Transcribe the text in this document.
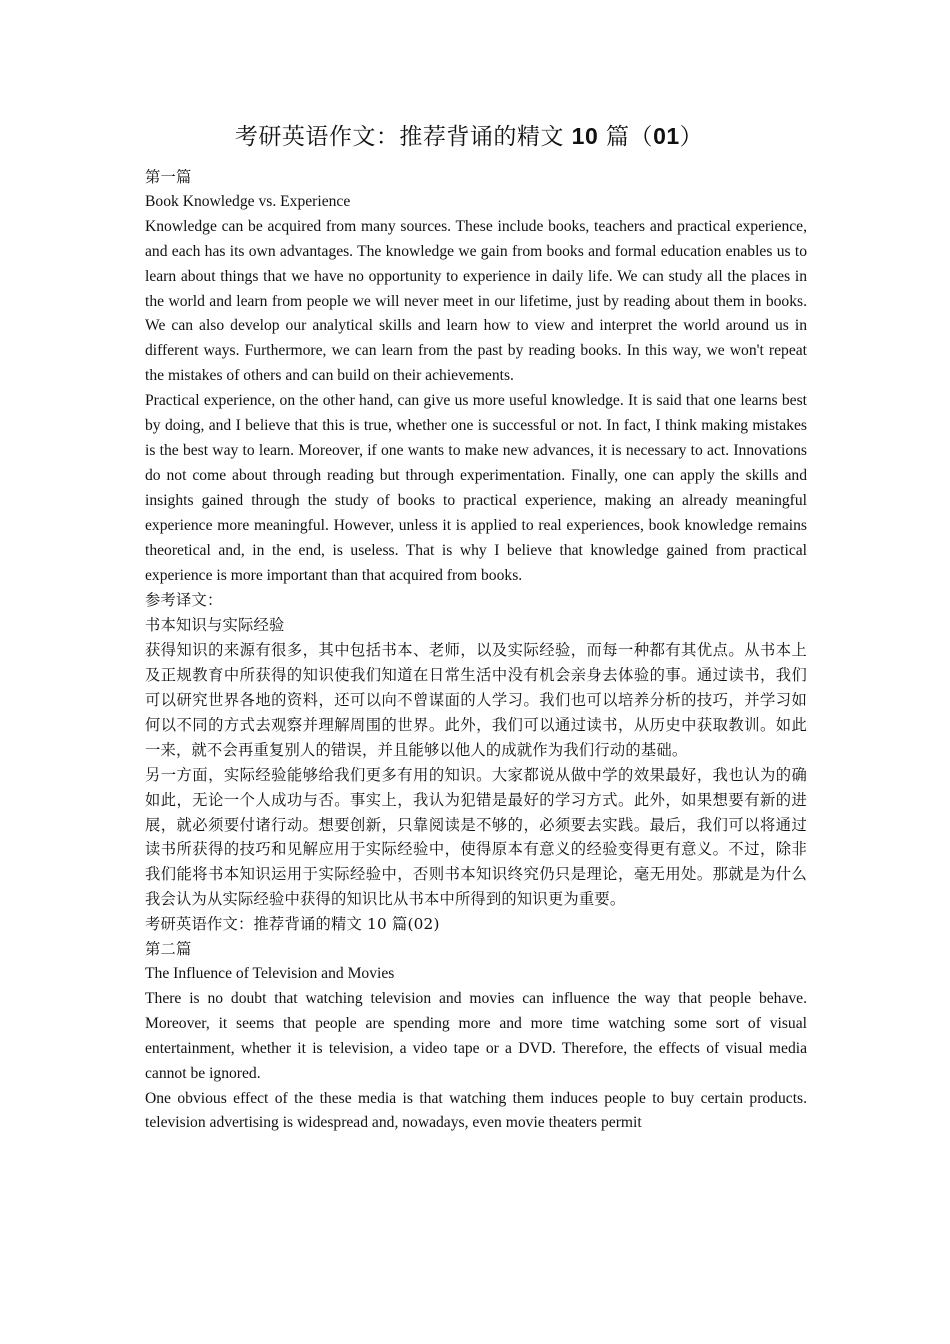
考研英语作文：推荐背诵的精文 10 篇（01）

第一篇

Book Knowledge vs. Experience

Knowledge can be acquired from many sources. These include books, teachers and practical experience, and each has its own advantages. The knowledge we gain from books and formal education enables us to learn about things that we have no opportunity to experience in daily life. We can study all the places in the world and learn from people we will never meet in our lifetime, just by reading about them in books. We can also develop our analytical skills and learn how to view and interpret the world around us in different ways. Furthermore, we can learn from the past by reading books. In this way, we won't repeat the mistakes of others and can build on their achievements.

Practical experience, on the other hand, can give us more useful knowledge. It is said that one learns best by doing, and I believe that this is true, whether one is successful or not. In fact, I think making mistakes is the best way to learn. Moreover, if one wants to make new advances, it is necessary to act. Innovations do not come about through reading but through experimentation. Finally, one can apply the skills and insights gained through the study of books to practical experience, making an already meaningful experience more meaningful. However, unless it is applied to real experiences, book knowledge remains theoretical and, in the end, is useless. That is why I believe that knowledge gained from practical experience is more important than that acquired from books.

参考译文：

书本知识与实际经验

获得知识的来源有很多，其中包括书本、老师，以及实际经验，而每一种都有其优点。从书本上及正规教育中所获得的知识使我们知道在日常生活中没有机会亲身去体验的事。通过读书，我们可以研究世界各地的资料，还可以向不曾谋面的人学习。我们也可以培养分析的技巧，并学习如何以不同的方式去观察并理解周围的世界。此外，我们可以通过读书，从历史中获取教训。如此一来，就不会再重复别人的错误，并且能够以他人的成就作为我们行动的基础。

另一方面，实际经验能够给我们更多有用的知识。大家都说从做中学的效果最好，我也认为的确如此，无论一个人成功与否。事实上，我认为犯错是最好的学习方式。此外，如果想要有新的进展，就必须要付诸行动。想要创新，只靠阅读是不够的，必须要去实践。最后，我们可以将通过读书所获得的技巧和见解应用于实际经验中，使得原本有意义的经验变得更有意义。不过，除非我们能将书本知识运用于实际经验中，否则书本知识终究仍只是理论，毫无用处。那就是为什么我会认为从实际经验中获得的知识比从书本中所得到的知识更为重要。

考研英语作文：推荐背诵的精文 10 篇(02)

第二篇

The Influence of Television and Movies

There is no doubt that watching television and movies can influence the way that people behave. Moreover, it seems that people are spending more and more time watching some sort of visual entertainment, whether it is television, a video tape or a DVD. Therefore, the effects of visual media cannot be ignored.

One obvious effect of the these media is that watching them induces people to buy certain products. television advertising is widespread and, nowadays, even movie theaters permit
